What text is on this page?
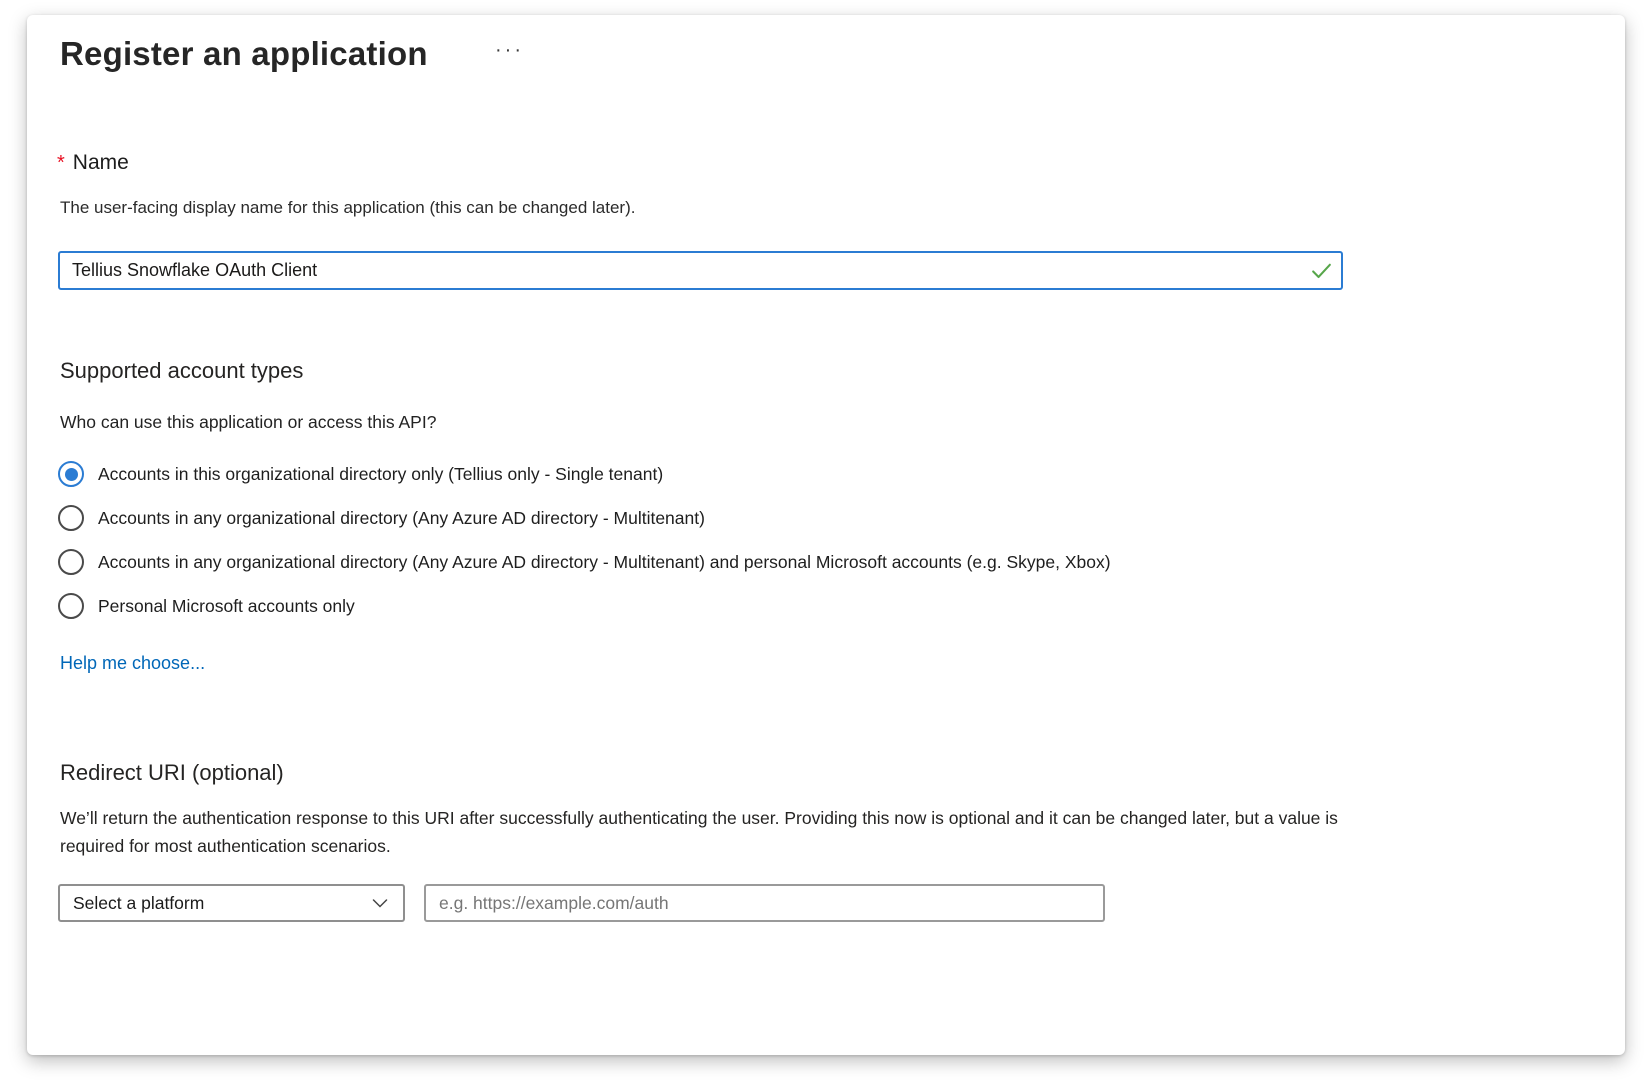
Register an application	···
* Name
The user-facing display name for this application (this can be changed later).
Tellius Snowflake OAuth Client
Supported account types
Who can use this application or access this API?
Accounts in this organizational directory only (Tellius only - Single tenant)
Accounts in any organizational directory (Any Azure AD directory - Multitenant)
Accounts in any organizational directory (Any Azure AD directory - Multitenant) and personal Microsoft accounts (e.g. Skype, Xbox)
Personal Microsoft accounts only
Help me choose...
Redirect URI (optional)
We’ll return the authentication response to this URI after successfully authenticating the user. Providing this now is optional and it can be changed later, but a value is required for most authentication scenarios.
Select a platform
e.g. https://example.com/auth
